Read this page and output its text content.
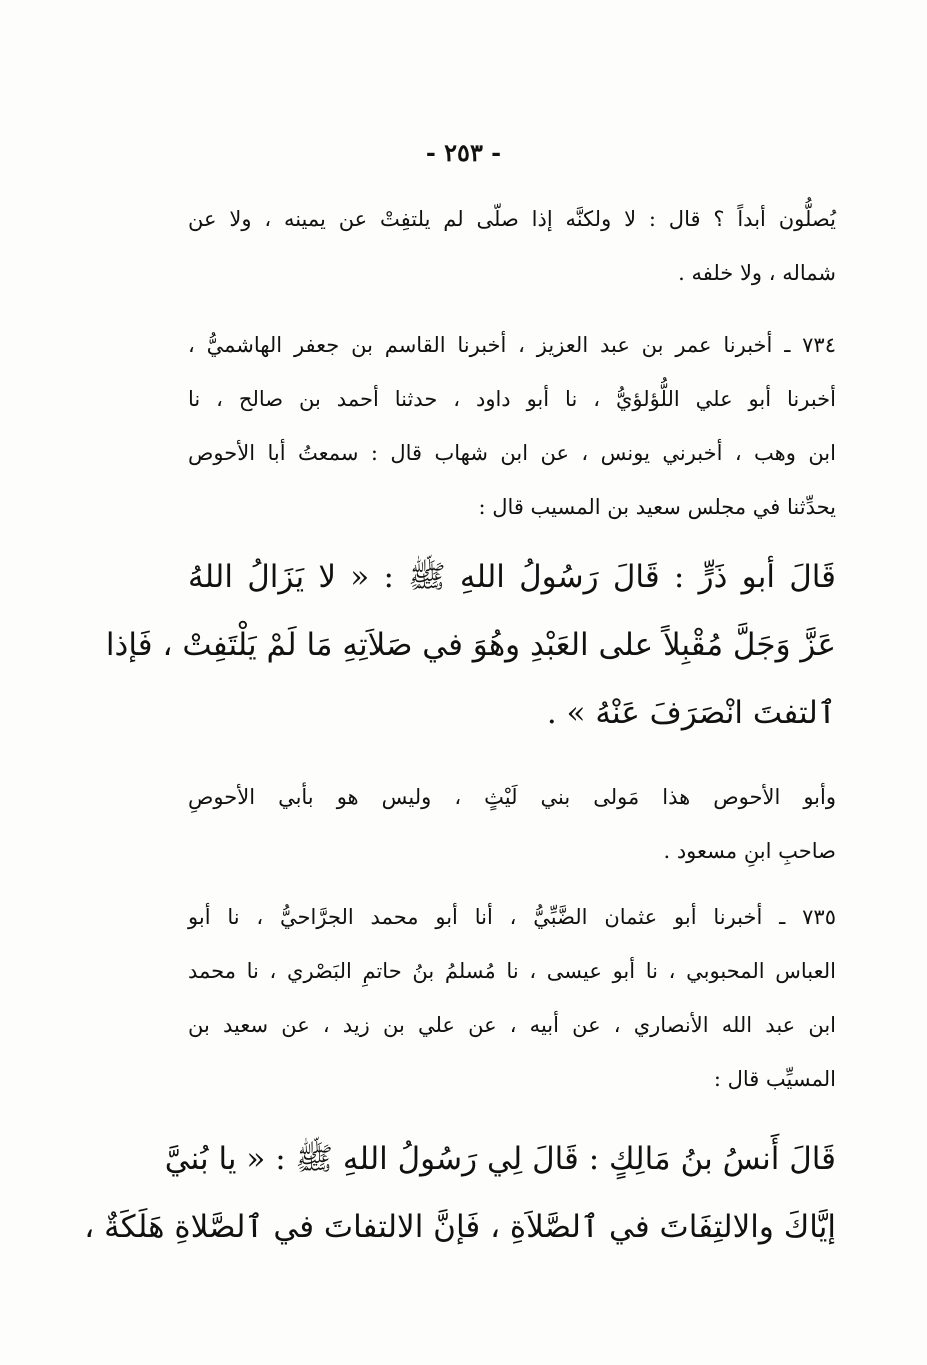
- ٢٥٣ -

يُصلُّون أبداً ؟ قال : لا ولكنَّه إذا صلّى لم يلتفِتْ عن يمينه ، ولا عن
شماله ، ولا خلفه .

٧٣٤ ـ أخبرنا عمر بن عبد العزيز ، أخبرنا القاسم بن جعفر الهاشميُّ ،
أخبرنا أبو علي اللُّؤلؤيُّ ، نا أبو داود ، حدثنا أحمد بن صالح ، نا
ابن وهب ، أخبرني يونس ، عن ابن شهاب قال : سمعتُ أبا الأحوص
يحدِّثنا في مجلس سعيد بن المسيب قال :

قَالَ أبو ذَرٍّ : قَالَ رَسُولُ اللهِ ﷺ : « لا يَزَالُ اللهُ
عَزَّ وَجَلَّ مُقْبِلاً على العَبْدِ وهُوَ في صَلاَتِهِ مَا لَمْ يَلْتَفِتْ ، فَإذا
ٱلتفتَ انْصَرَفَ عَنْهُ » .

وأبو الأحوص هذا مَولى بني لَيْثٍ ، وليس هو بأبي الأحوصِ
صاحبِ ابنِ مسعود .

٧٣٥ ـ أخبرنا أبو عثمان الضَّبِّيُّ ، أنا أبو محمد الجرَّاحيُّ ، نا أبو
العباس المحبوبي ، نا أبو عيسى ، نا مُسلمُ بنُ حاتمِ البَصْري ، نا محمد
ابن عبد الله الأنصاري ، عن أبيه ، عن علي بن زيد ، عن سعيد بن
المسيِّب قال :

قَالَ أَنسُ بنُ مَالِكٍ : قَالَ لِي رَسُولُ اللهِ ﷺ : « يا بُنيَّ
إيَّاكَ والالتِفَاتَ في ٱلصَّلاَةِ ، فَإنَّ الالتفاتَ في ٱلصَّلاةِ هَلَكَةٌ ،
